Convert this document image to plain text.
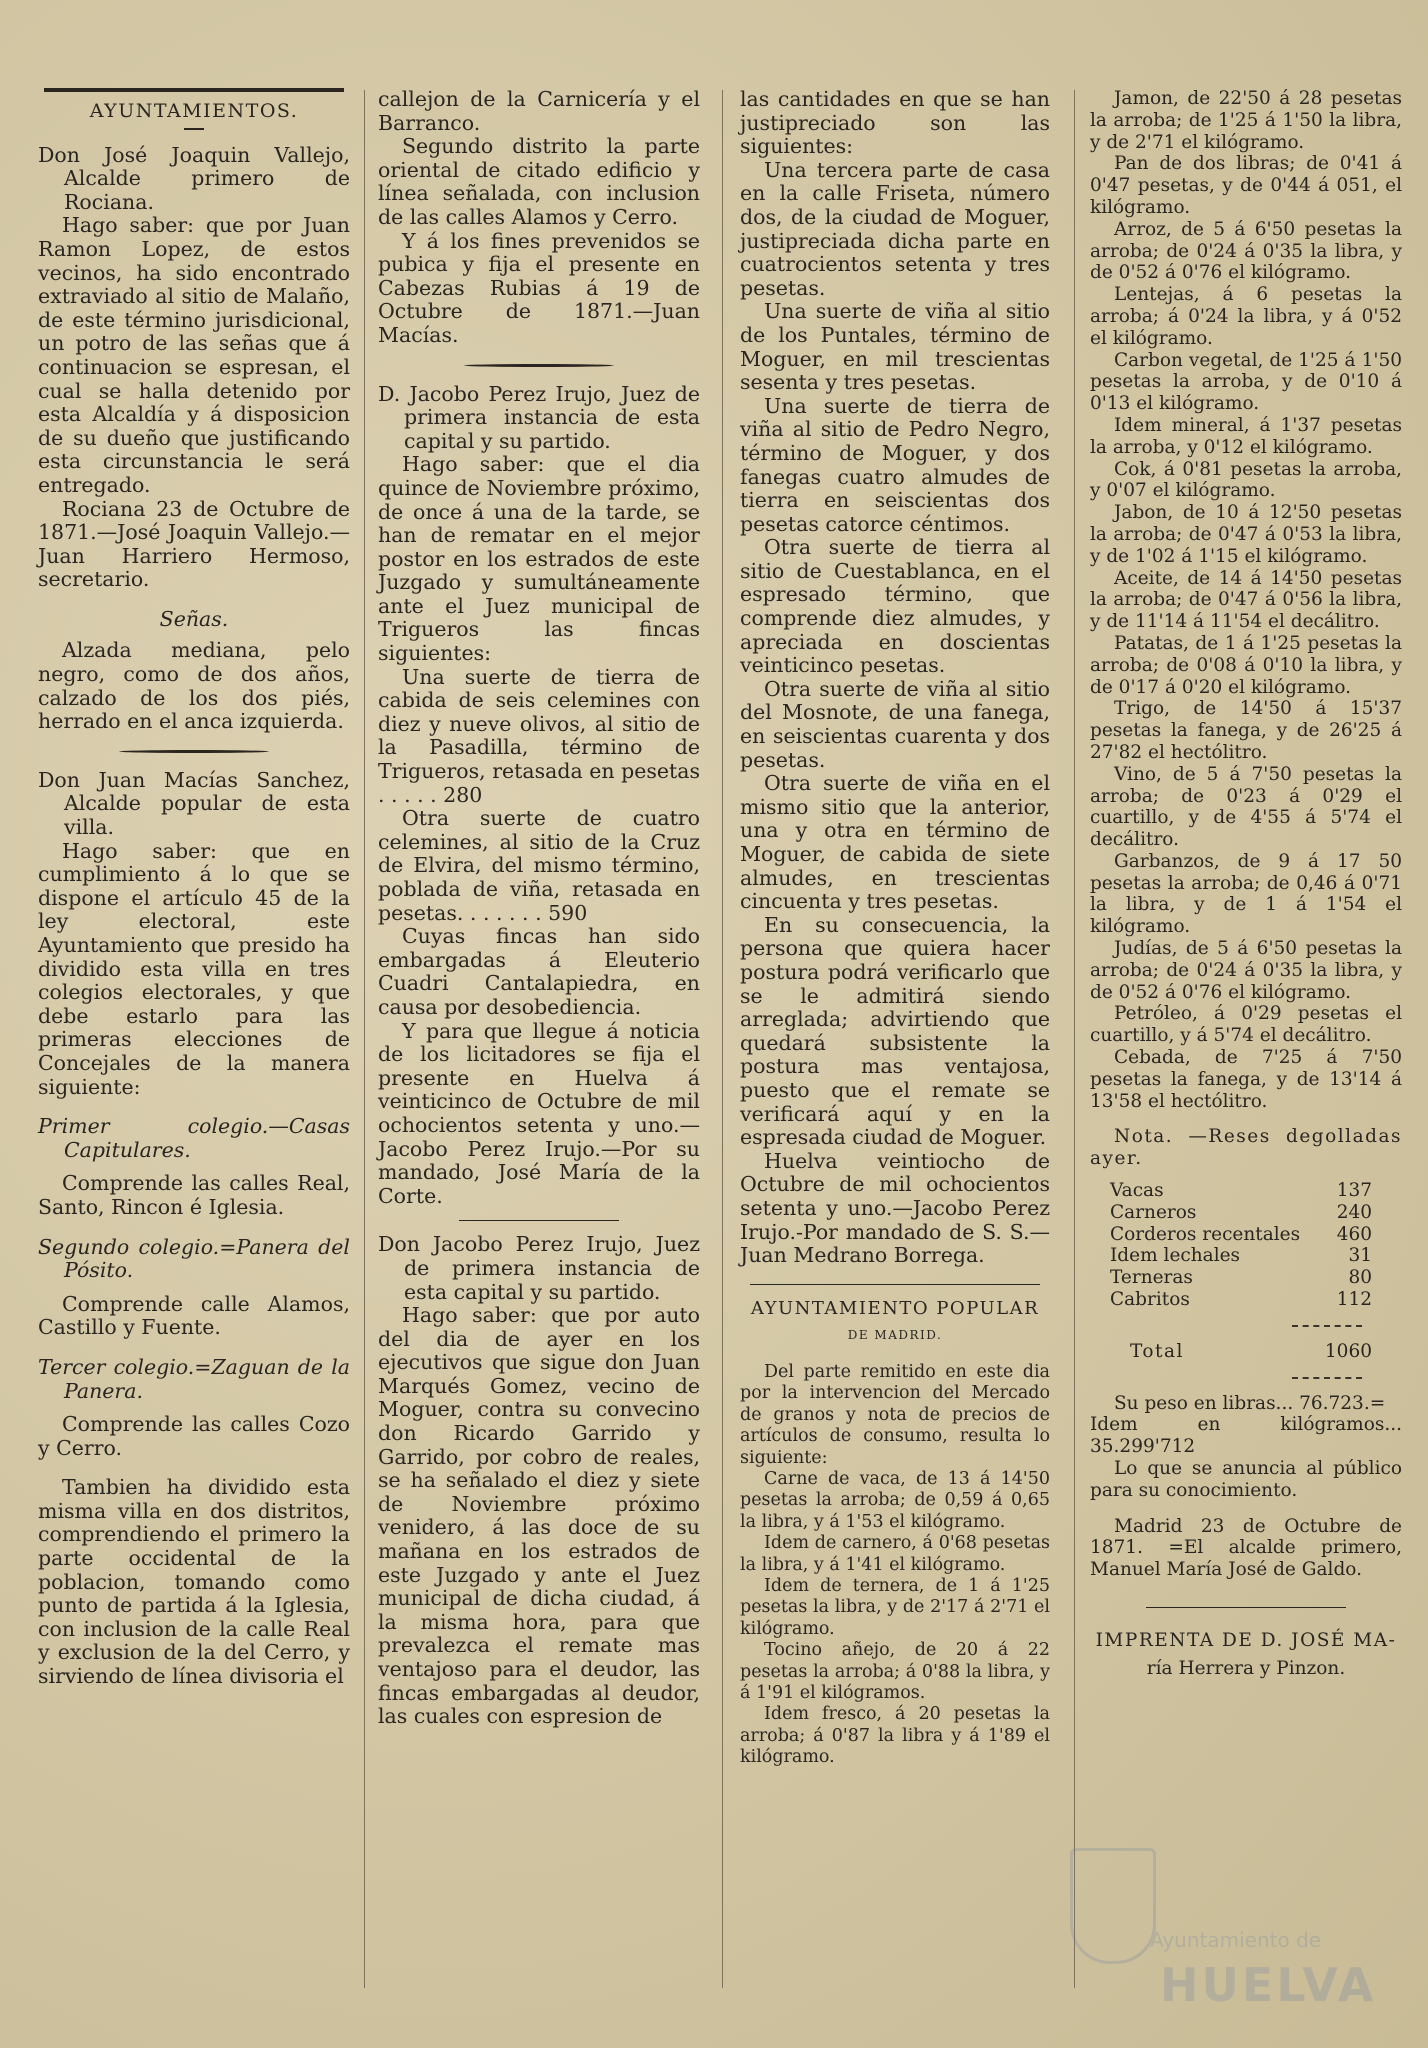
AYUNTAMIENTOS.

Don José Joaquin Vallejo, Alcalde primero de Rociana.

Hago saber: que por Juan Ramon Lopez, de estos vecinos, ha sido encontrado extraviado al sitio de Malaño, de este término jurisdicional, un potro de las señas que á continuacion se espresan, el cual se halla detenido por esta Alcaldía y á disposicion de su dueño que justificando esta circunstancia le será entregado.

Rociana 23 de Octubre de 1871.—José Joaquin Vallejo.—Juan Harriero Hermoso, secretario.

Señas.

Alzada mediana, pelo negro, como de dos años, calzado de los dos piés, herrado en el anca izquierda.

Don Juan Macías Sanchez, Alcalde popular de esta villa.

Hago saber: que en cumplimiento á lo que se dispone el artículo 45 de la ley electoral, este Ayuntamiento que presido ha dividido esta villa en tres colegios electorales, y que debe estarlo para las primeras elecciones de Concejales de la manera siguiente:

Primer colegio.—Casas Capitulares.

Comprende las calles Real, Santo, Rincon é Iglesia.

Segundo colegio.=Panera del Pósito.

Comprende calle Alamos, Castillo y Fuente.

Tercer colegio.=Zaguan de la Panera.

Comprende las calles Cozo y Cerro.

Tambien ha dividido esta misma villa en dos distritos, comprendiendo el primero la parte occidental de la poblacion, tomando como punto de partida á la Iglesia, con inclusion de la calle Real y exclusion de la del Cerro, y sirviendo de línea divisoria el

callejon de la Carnicería y el Barranco.

Segundo distrito la parte oriental de citado edificio y línea señalada, con inclusion de las calles Alamos y Cerro.

Y á los fines prevenidos se pubica y fija el presente en Cabezas Rubias á 19 de Octubre de 1871.—Juan Macías.

D. Jacobo Perez Irujo, Juez de primera instancia de esta capital y su partido.

Hago saber: que el dia quince de Noviembre próximo, de once á una de la tarde, se han de rematar en el mejor postor en los estrados de este Juzgado y sumultáneamente ante el Juez municipal de Trigueros las fincas siguientes:

Una suerte de tierra de cabida de seis celemines con diez y nueve olivos, al sitio de la Pasadilla, término de Trigueros, retasada en pesetas . . . . . 280

Otra suerte de cuatro celemines, al sitio de la Cruz de Elvira, del mismo término, poblada de viña, retasada en pesetas. . . . . . . 590

Cuyas fincas han sido embargadas á Eleuterio Cuadri Cantalapiedra, en causa por desobediencia.

Y para que llegue á noticia de los licitadores se fija el presente en Huelva á veinticinco de Octubre de mil ochocientos setenta y uno.—Jacobo Perez Irujo.—Por su mandado, José María de la Corte.

Don Jacobo Perez Irujo, Juez de primera instancia de esta capital y su partido.

Hago saber: que por auto del dia de ayer en los ejecutivos que sigue don Juan Marqués Gomez, vecino de Moguer, contra su convecino don Ricardo Garrido y Garrido, por cobro de reales, se ha señalado el diez y siete de Noviembre próximo venidero, á las doce de su mañana en los estrados de este Juzgado y ante el Juez municipal de dicha ciudad, á la misma hora, para que prevalezca el remate mas ventajoso para el deudor, las fincas embargadas al deudor, las cuales con espresion de

las cantidades en que se han justipreciado son las siguientes:

Una tercera parte de casa en la calle Friseta, número dos, de la ciudad de Moguer, justipreciada dicha parte en cuatrocientos setenta y tres pesetas.

Una suerte de viña al sitio de los Puntales, término de Moguer, en mil trescientas sesenta y tres pesetas.

Una suerte de tierra de viña al sitio de Pedro Negro, término de Moguer, y dos fanegas cuatro almudes de tierra en seiscientas dos pesetas catorce céntimos.

Otra suerte de tierra al sitio de Cuestablanca, en el espresado término, que comprende diez almudes, y apreciada en doscientas veinticinco pesetas.

Otra suerte de viña al sitio del Mosnote, de una fanega, en seiscientas cuarenta y dos pesetas.

Otra suerte de viña en el mismo sitio que la anterior, una y otra en término de Moguer, de cabida de siete almudes, en trescientas cincuenta y tres pesetas.

En su consecuencia, la persona que quiera hacer postura podrá verificarlo que se le admitirá siendo arreglada; advirtiendo que quedará subsistente la postura mas ventajosa, puesto que el remate se verificará aquí y en la espresada ciudad de Moguer.

Huelva veintiocho de Octubre de mil ochocientos setenta y uno.—Jacobo Perez Irujo.-Por mandado de S. S.—Juan Medrano Borrega.

AYUNTAMIENTO POPULAR
DE MADRID.

Del parte remitido en este dia por la intervencion del Mercado de granos y nota de precios de artículos de consumo, resulta lo siguiente:

Carne de vaca, de 13 á 14'50 pesetas la arroba; de 0,59 á 0,65 la libra, y á 1'53 el kilógramo.

Idem de carnero, á 0'68 pesetas la libra, y á 1'41 el kilógramo.

Idem de ternera, de 1 á 1'25 pesetas la libra, y de 2'17 á 2'71 el kilógramo.

Tocino añejo, de 20 á 22 pesetas la arroba; á 0'88 la libra, y á 1'91 el kilógramos.

Idem fresco, á 20 pesetas la arroba; á 0'87 la libra y á 1'89 el kilógramo.

Jamon, de 22'50 á 28 pesetas la arroba; de 1'25 á 1'50 la libra, y de 2'71 el kilógramo.

Pan de dos libras; de 0'41 á 0'47 pesetas, y de 0'44 á 051, el kilógramo.

Arroz, de 5 á 6'50 pesetas la arroba; de 0'24 á 0'35 la libra, y de 0'52 á 0'76 el kilógramo.

Lentejas, á 6 pesetas la arroba; á 0'24 la libra, y á 0'52 el kilógramo.

Carbon vegetal, de 1'25 á 1'50 pesetas la arroba, y de 0'10 á 0'13 el kilógramo.

Idem mineral, á 1'37 pesetas la arroba, y 0'12 el kilógramo.

Cok, á 0'81 pesetas la arroba, y 0'07 el kilógramo.

Jabon, de 10 á 12'50 pesetas la arroba; de 0'47 á 0'53 la libra, y de 1'02 á 1'15 el kilógramo.

Aceite, de 14 á 14'50 pesetas la arroba; de 0'47 á 0'56 la libra, y de 11'14 á 11'54 el decálitro.

Patatas, de 1 á 1'25 pesetas la arroba; de 0'08 á 0'10 la libra, y de 0'17 á 0'20 el kilógramo.

Trigo, de 14'50 á 15'37 pesetas la fanega, y de 26'25 á 27'82 el hectólitro.

Vino, de 5 á 7'50 pesetas la arroba; de 0'23 á 0'29 el cuartillo, y de 4'55 á 5'74 el decálitro.

Garbanzos, de 9 á 17 50 pesetas la arroba; de 0,46 á 0'71 la libra, y de 1 á 1'54 el kilógramo.

Judías, de 5 á 6'50 pesetas la arroba; de 0'24 á 0'35 la libra, y de 0'52 á 0'76 el kilógramo.

Petróleo, á 0'29 pesetas el cuartillo, y á 5'74 el decálitro.

Cebada, de 7'25 á 7'50 pesetas la fanega, y de 13'14 á 13'58 el hectólitro.

Nota. —Reses degolladas ayer.

Vacas	137
Carneros	240
Corderos recentales	460
Idem lechales	31
Terneras	80
Cabritos	112
Total	1060

Su peso en libras... 76.723.=

Idem en kilógramos... 35.299'712

Lo que se anuncia al público para su conocimiento.

Madrid 23 de Octubre de 1871. =El alcalde primero, Manuel María José de Galdo.

IMPRENTA DE D. JOSÉ MA-

ría Herrera y Pinzon.

Ayuntamiento de
HUELVA
